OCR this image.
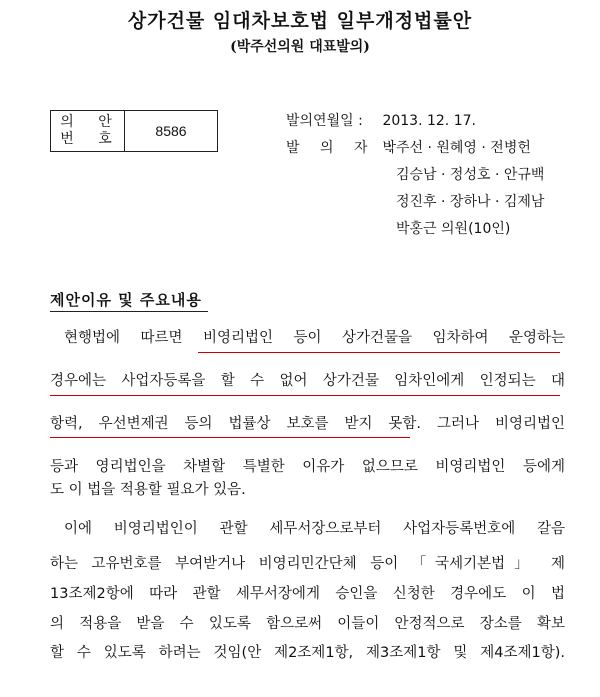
상가건물 임대차보호법 일부개정법률안
(박주선의원 대표발의)
의 안
번 호	8586
발의연월일 : 2013. 12. 17.
발 의 자 : 박주선 · 원혜영 · 전병헌
김승남 · 정성호 · 안규백
정진후 · 장하나 · 김제남
박홍근 의원(10인)
제안이유 및 주요내용
현행법에 따르면 비영리법인 등이 상가건물을 임차하여 운영하는
경우에는 사업자등록을 할 수 없어 상가건물 임차인에게 인정되는 대
항력, 우선변제권 등의 법률상 보호를 받지 못함. 그러나 비영리법인
등과 영리법인을 차별할 특별한 이유가 없으므로 비영리법인 등에게
도 이 법을 적용할 필요가 있음.
이에 비영리법인이 관할 세무서장으로부터 사업자등록번호에 갈음
하는 고유번호를 부여받거나 비영리민간단체 등이 「국세기본법」 제
13조제2항에 따라 관할 세무서장에게 승인을 신청한 경우에도 이 법
의 적용을 받을 수 있도록 함으로써 이들이 안정적으로 장소를 확보
할 수 있도록 하려는 것임(안 제2조제1항, 제3조제1항 및 제4조제1항).
